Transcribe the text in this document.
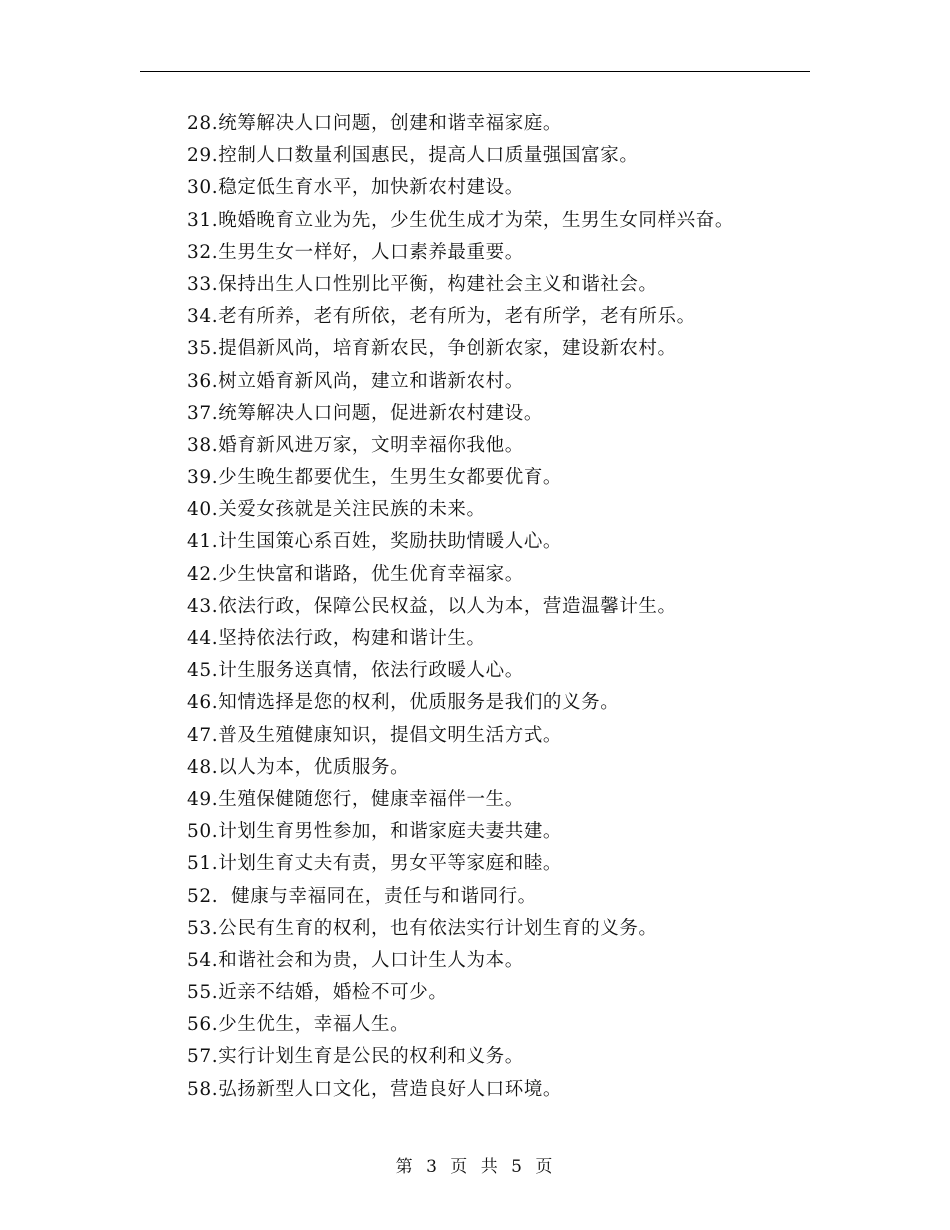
28.统筹解决人口问题，创建和谐幸福家庭。
29.控制人口数量利国惠民，提高人口质量强国富家。
30.稳定低生育水平，加快新农村建设。
31.晚婚晚育立业为先，少生优生成才为荣，生男生女同样兴奋。
32.生男生女一样好，人口素养最重要。
33.保持出生人口性别比平衡，构建社会主义和谐社会。
34.老有所养，老有所依，老有所为，老有所学，老有所乐。
35.提倡新风尚，培育新农民，争创新农家，建设新农村。
36.树立婚育新风尚，建立和谐新农村。
37.统筹解决人口问题，促进新农村建设。
38.婚育新风进万家，文明幸福你我他。
39.少生晚生都要优生，生男生女都要优育。
40.关爱女孩就是关注民族的未来。
41.计生国策心系百姓，奖励扶助情暖人心。
42.少生快富和谐路，优生优育幸福家。
43.依法行政，保障公民权益，以人为本，营造温馨计生。
44.坚持依法行政，构建和谐计生。
45.计生服务送真情，依法行政暖人心。
46.知情选择是您的权利，优质服务是我们的义务。
47.普及生殖健康知识，提倡文明生活方式。
48.以人为本，优质服务。
49.生殖保健随您行，健康幸福伴一生。
50.计划生育男性参加，和谐家庭夫妻共建。
51.计划生育丈夫有责，男女平等家庭和睦。
52.  健康与幸福同在，责任与和谐同行。
53.公民有生育的权利，也有依法实行计划生育的义务。
54.和谐社会和为贵，人口计生人为本。
55.近亲不结婚，婚检不可少。
56.少生优生，幸福人生。
57.实行计划生育是公民的权利和义务。
58.弘扬新型人口文化，营造良好人口环境。
第 3 页 共 5 页
